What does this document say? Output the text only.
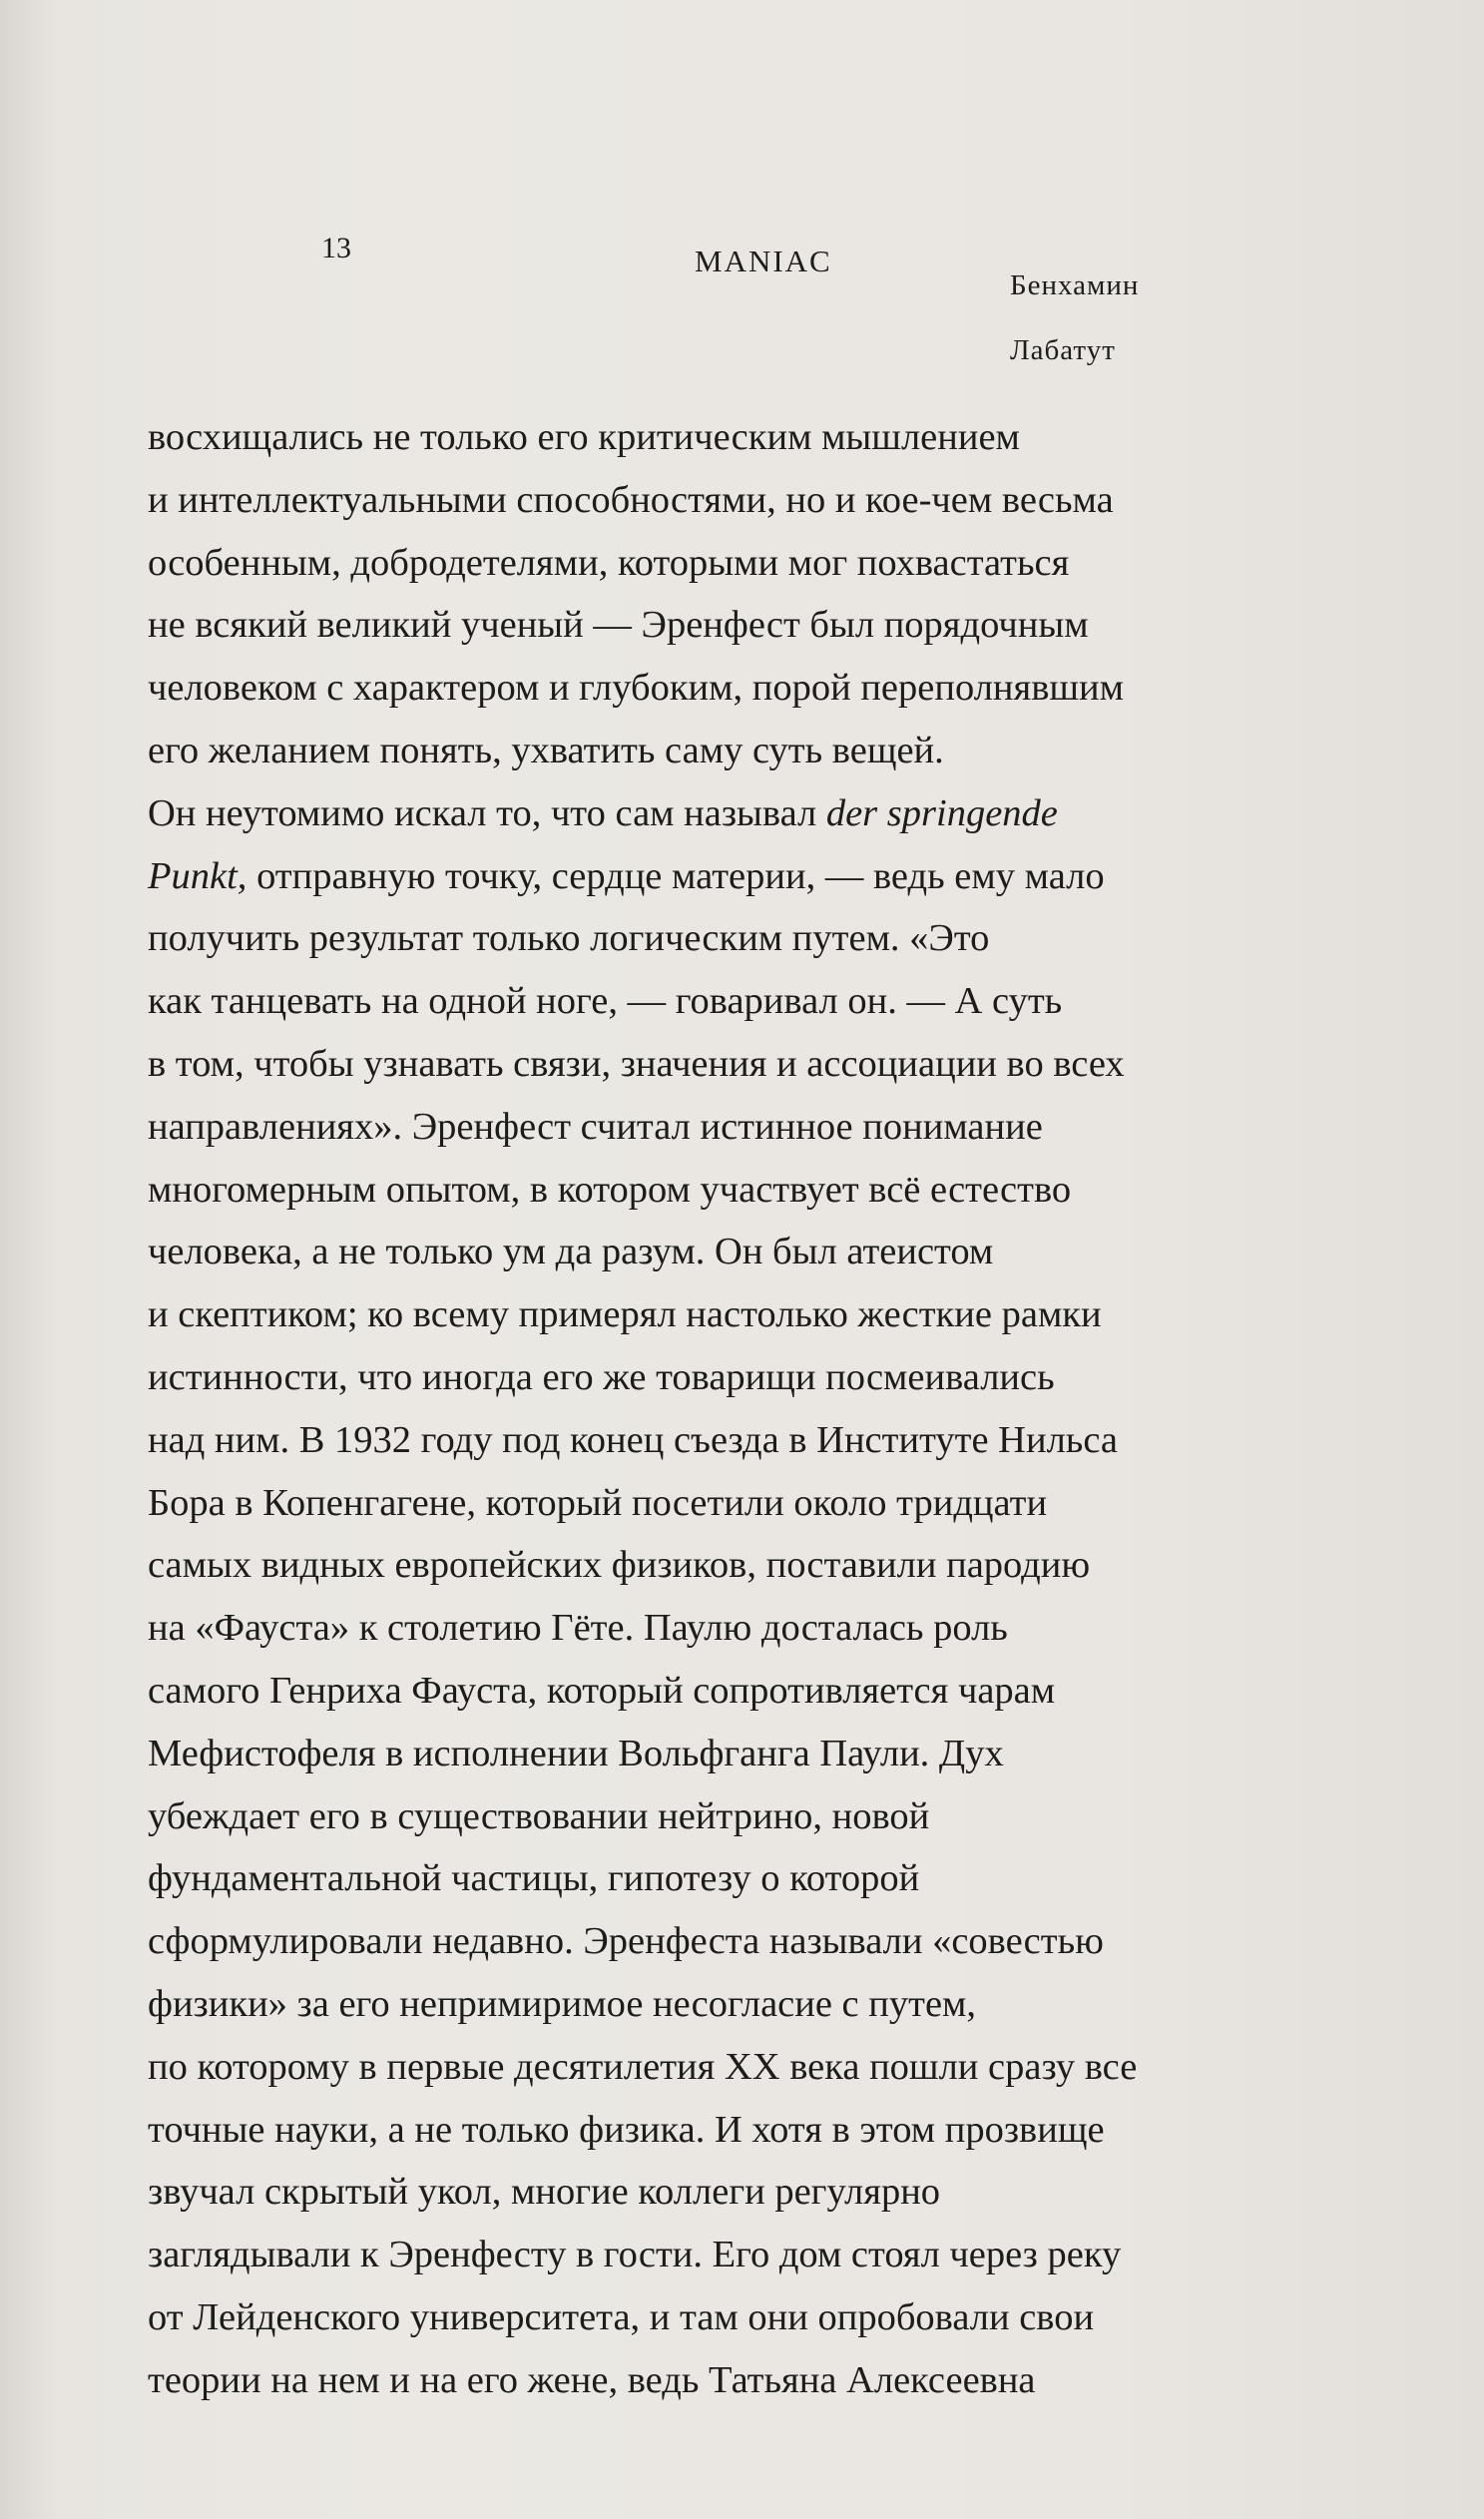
13	MANIAC
Бенхамин
Лабатут
восхищались не только его критическим мышлением
и интеллектуальными способностями, но и кое-чем весьма
особенным, добродетелями, которыми мог похвастаться
не всякий великий ученый — Эренфест был порядочным
человеком с характером и глубоким, порой переполнявшим
его желанием понять, ухватить саму суть вещей.
Он неутомимо искал то, что сам называл der springende
Punkt, отправную точку, сердце материи, — ведь ему мало
получить результат только логическим путем. «Это
как танцевать на одной ноге, — говаривал он. — А суть
в том, чтобы узнавать связи, значения и ассоциации во всех
направлениях». Эренфест считал истинное понимание
многомерным опытом, в котором участвует всё естество
человека, а не только ум да разум. Он был атеистом
и скептиком; ко всему примерял настолько жесткие рамки
истинности, что иногда его же товарищи посмеивались
над ним. В 1932 году под конец съезда в Институте Нильса
Бора в Копенгагене, который посетили около тридцати
самых видных европейских физиков, поставили пародию
на «Фауста» к столетию Гёте. Паулю досталась роль
самого Генриха Фауста, который сопротивляется чарам
Мефистофеля в исполнении Вольфганга Паули. Дух
убеждает его в существовании нейтрино, новой
фундаментальной частицы, гипотезу о которой
сформулировали недавно. Эренфеста называли «совестью
физики» за его непримиримое несогласие с путем,
по которому в первые десятилетия XX века пошли сразу все
точные науки, а не только физика. И хотя в этом прозвище
звучал скрытый укол, многие коллеги регулярно
заглядывали к Эренфесту в гости. Его дом стоял через реку
от Лейденского университета, и там они опробовали свои
теории на нем и на его жене, ведь Татьяна Алексеевна
